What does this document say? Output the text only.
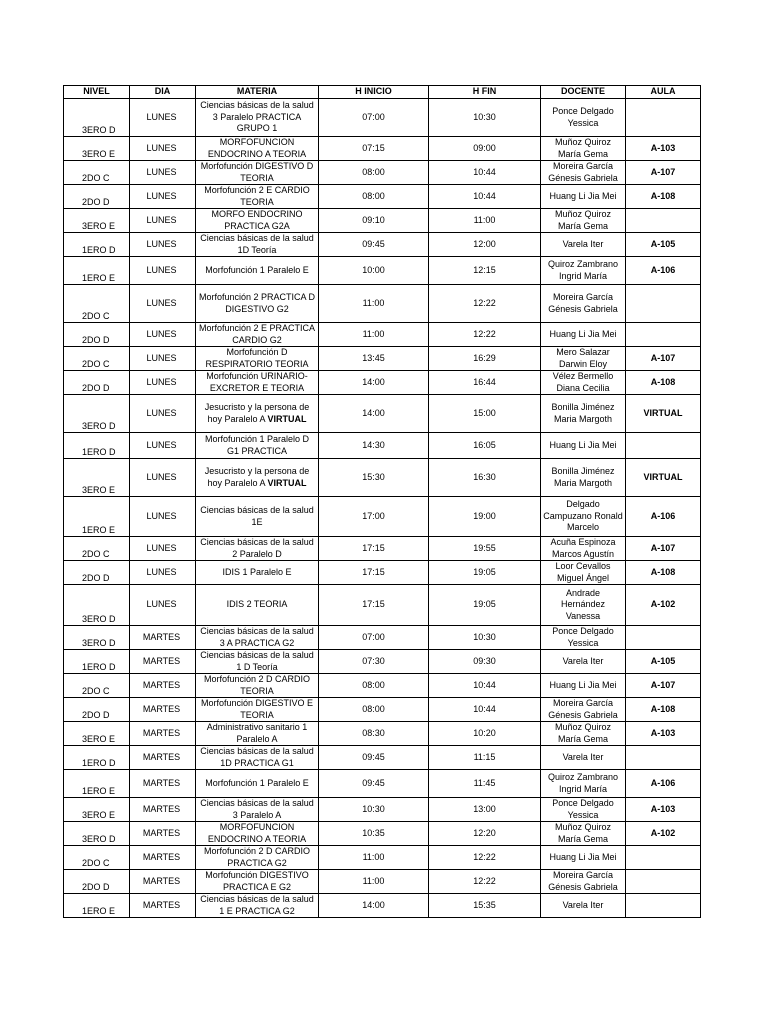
NIVEL	DIA	MATERIA	H INICIO	H FIN	DOCENTE	AULA
3ERO D	LUNES	Ciencias básicas de la salud 3 Paralelo PRACTICA GRUPO 1	07:00	10:30	Ponce Delgado Yessica	
3ERO E	LUNES	MORFOFUNCION ENDOCRINO A TEORIA	07:15	09:00	Muñoz Quiroz María Gema	A-103
2DO C	LUNES	Morfofunción DIGESTIVO D TEORIA	08:00	10:44	Moreira García Génesis Gabriela	A-107
2DO D	LUNES	Morfofunción 2 E CARDIO TEORIA	08:00	10:44	Huang Li Jia Mei	A-108
3ERO E	LUNES	MORFO ENDOCRINO PRACTICA G2A	09:10	11:00	Muñoz Quiroz María Gema	
1ERO D	LUNES	Ciencias básicas de la salud 1D Teoría	09:45	12:00	Varela Iter	A-105
1ERO E	LUNES	Morfofunción 1 Paralelo E	10:00	12:15	Quiroz Zambrano Ingrid María	A-106
2DO C	LUNES	Morfofunción 2 PRACTICA D DIGESTIVO G2	11:00	12:22	Moreira García Génesis Gabriela	
2DO D	LUNES	Morfofunción 2 E PRACTICA CARDIO G2	11:00	12:22	Huang Li Jia Mei	
2DO C	LUNES	Morfofunción D RESPIRATORIO TEORIA	13:45	16:29	Mero Salazar Darwin Eloy	A-107
2DO D	LUNES	Morfofunción URINARIO-EXCRETOR E TEORIA	14:00	16:44	Vélez Bermello Diana Cecilia	A-108
3ERO D	LUNES	Jesucristo y la persona de hoy Paralelo A VIRTUAL	14:00	15:00	Bonilla Jiménez Maria Margoth	VIRTUAL
1ERO D	LUNES	Morfofunción 1 Paralelo D G1 PRACTICA	14:30	16:05	Huang Li Jia Mei	
3ERO E	LUNES	Jesucristo y la persona de hoy Paralelo A VIRTUAL	15:30	16:30	Bonilla Jiménez Maria Margoth	VIRTUAL
1ERO E	LUNES	Ciencias básicas de la salud 1E	17:00	19:00	Delgado Campuzano Ronald Marcelo	A-106
2DO C	LUNES	Ciencias básicas de la salud 2 Paralelo D	17:15	19:55	Acuña Espinoza Marcos Agustín	A-107
2DO D	LUNES	IDIS 1 Paralelo E	17:15	19:05	Loor Cevallos Miguel Ángel	A-108
3ERO D	LUNES	IDIS 2 TEORIA	17:15	19:05	Andrade Hernández Vanessa	A-102
3ERO D	MARTES	Ciencias básicas de la salud 3 A PRACTICA G2	07:00	10:30	Ponce Delgado Yessica	
1ERO D	MARTES	Ciencias básicas de la salud 1 D Teoría	07:30	09:30	Varela Iter	A-105
2DO C	MARTES	Morfofunción 2 D CARDIO TEORIA	08:00	10:44	Huang Li Jia Mei	A-107
2DO D	MARTES	Morfofunción DIGESTIVO E TEORIA	08:00	10:44	Moreira García Génesis Gabriela	A-108
3ERO E	MARTES	Administrativo sanitario 1 Paralelo A	08:30	10:20	Muñoz Quiroz María Gema	A-103
1ERO D	MARTES	Ciencias básicas de la salud 1D PRACTICA G1	09:45	11:15	Varela Iter	
1ERO E	MARTES	Morfofunción 1 Paralelo E	09:45	11:45	Quiroz Zambrano Ingrid María	A-106
3ERO E	MARTES	Ciencias básicas de la salud 3 Paralelo A	10:30	13:00	Ponce Delgado Yessica	A-103
3ERO D	MARTES	MORFOFUNCION ENDOCRINO A TEORIA	10:35	12:20	Muñoz Quiroz María Gema	A-102
2DO C	MARTES	Morfofunción 2 D CARDIO PRACTICA G2	11:00	12:22	Huang Li Jia Mei	
2DO D	MARTES	Morfofunción DIGESTIVO PRACTICA E G2	11:00	12:22	Moreira García Génesis Gabriela	
1ERO E	MARTES	Ciencias básicas de la salud 1 E PRACTICA G2	14:00	15:35	Varela Iter	
